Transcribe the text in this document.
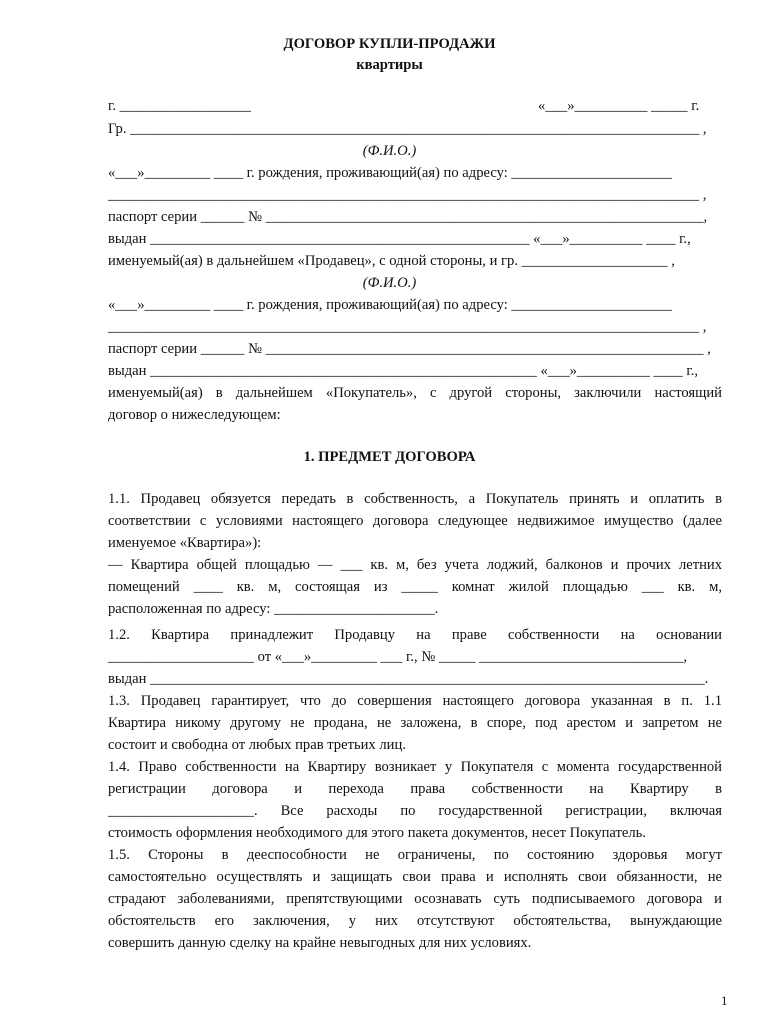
ДОГОВОР КУПЛИ-ПРОДАЖИ
квартиры
г. __________________	«___»__________ _____ г.
Гр. ______________________________________________________________________________ ,
(Ф.И.О.)
«___»_________ ____ г. рождения, проживающий(ая) по адресу: ______________________
_________________________________________________________________________________ ,
паспорт серии ______ № ____________________________________________________________,
выдан ____________________________________________________ «___»__________ ____ г.,
именуемый(ая) в дальнейшем «Продавец», с одной стороны, и гр. ____________________ ,
(Ф.И.О.)
«___»_________ ____ г. рождения, проживающий(ая) по адресу: ______________________
_________________________________________________________________________________ ,
паспорт серии ______ № ____________________________________________________________ ,
выдан _____________________________________________________ «___»__________ ____ г.,
именуемый(ая) в дальнейшем «Покупатель», с другой стороны, заключили настоящий
договор о нижеследующем:
1. ПРЕДМЕТ ДОГОВОРА
1.1. Продавец обязуется передать в собственность, а Покупатель принять и оплатить в
соответствии с условиями настоящего договора следующее недвижимое имущество (далее
именуемое «Квартира»):
— Квартира общей площадью — ___ кв. м, без учета лоджий, балконов и прочих летних
помещений ____ кв. м, состоящая из _____ комнат жилой площадью ___ кв. м,
расположенная по адресу: ______________________.
1.2. Квартира принадлежит Продавцу на праве собственности на основании
____________________ от «___»_________ ___ г., № _____ ____________________________,
выдан ____________________________________________________________________________.
1.3. Продавец гарантирует, что до совершения настоящего договора указанная в п. 1.1
Квартира никому другому не продана, не заложена, в споре, под арестом и запретом не
состоит и свободна от любых прав третьих лиц.
1.4. Право собственности на Квартиру возникает у Покупателя с момента государственной
регистрации договора и перехода права собственности на Квартиру в
____________________. Все расходы по государственной регистрации, включая
стоимость оформления необходимого для этого пакета документов, несет Покупатель.
1.5. Стороны в дееспособности не ограничены, по состоянию здоровья могут
самостоятельно осуществлять и защищать свои права и исполнять свои обязанности, не
страдают заболеваниями, препятствующими осознавать суть подписываемого договора и
обстоятельств его заключения, у них отсутствуют обстоятельства, вынуждающие
совершить данную сделку на крайне невыгодных для них условиях.
1
